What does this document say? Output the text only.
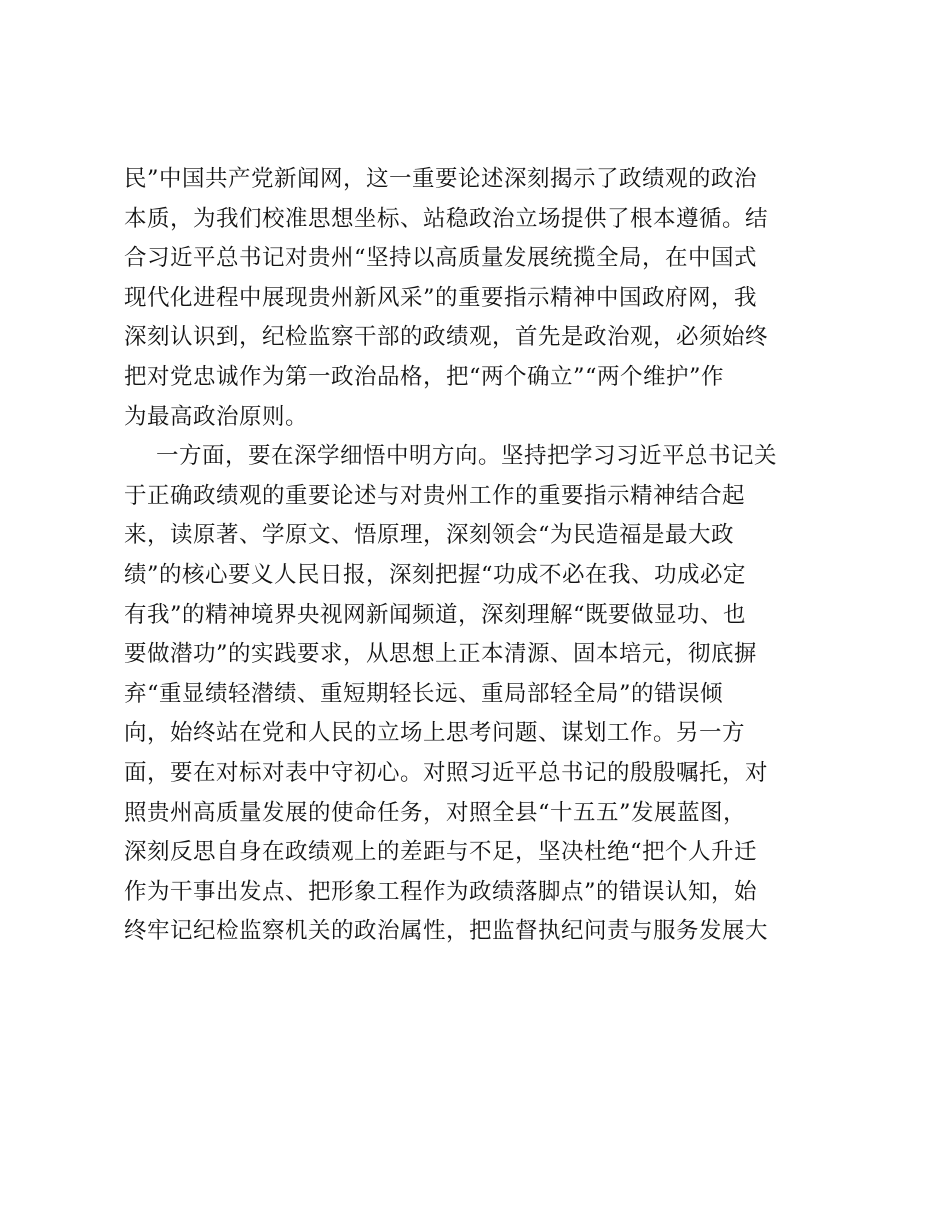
民”中国共产党新闻网，这一重要论述深刻揭示了政绩观的政治
本质，为我们校准思想坐标、站稳政治立场提供了根本遵循。结
合习近平总书记对贵州“坚持以高质量发展统揽全局，在中国式
现代化进程中展现贵州新风采”的重要指示精神中国政府网，我
深刻认识到，纪检监察干部的政绩观，首先是政治观，必须始终
把对党忠诚作为第一政治品格，把“两个确立”“两个维护”作
为最高政治原则。
一方面，要在深学细悟中明方向。坚持把学习习近平总书记关
于正确政绩观的重要论述与对贵州工作的重要指示精神结合起
来，读原著、学原文、悟原理，深刻领会“为民造福是最大政
绩”的核心要义人民日报，深刻把握“功成不必在我、功成必定
有我”的精神境界央视网新闻频道，深刻理解“既要做显功、也
要做潜功”的实践要求，从思想上正本清源、固本培元，彻底摒
弃“重显绩轻潜绩、重短期轻长远、重局部轻全局”的错误倾
向，始终站在党和人民的立场上思考问题、谋划工作。另一方
面，要在对标对表中守初心。对照习近平总书记的殷殷嘱托，对
照贵州高质量发展的使命任务，对照全县“十五五”发展蓝图，
深刻反思自身在政绩观上的差距与不足，坚决杜绝“把个人升迁
作为干事出发点、把形象工程作为政绩落脚点”的错误认知，始
终牢记纪检监察机关的政治属性，把监督执纪问责与服务发展大
